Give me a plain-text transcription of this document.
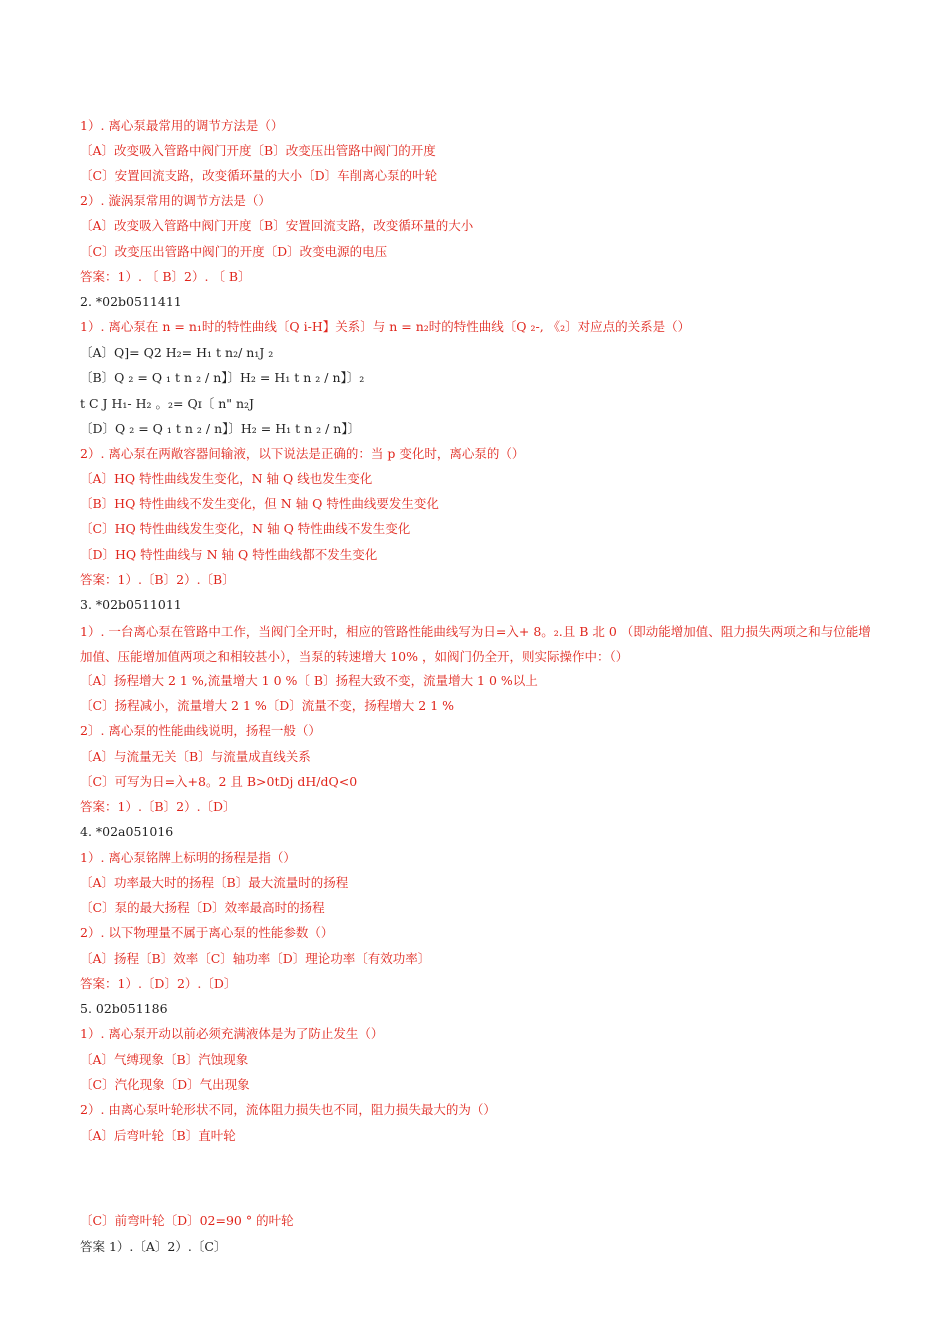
1）. 离心泵最常用的调节方法是（）
〔A〕改变吸入管路中阀门开度〔B〕改变压出管路中阀门的开度
〔C〕安置回流支路，改变循环量的大小〔D〕车削离心泵的叶轮
2）. 漩涡泵常用的调节方法是（）
〔A〕改变吸入管路中阀门开度〔B〕安置回流支路，改变循环量的大小
〔C〕改变压出管路中阀门的开度〔D〕改变电源的电压
答案：1）. 〔 B〕2）. 〔 B〕
2. *02b0511411
1）. 离心泵在 n = n₁时的特性曲线〔Q i-H】关系〕与 n = n₂时的特性曲线〔Q ₂-, 《₂〕对应点的关系是（）
〔A〕Q]= Q2 H₂= H₁ t n₂/ n₁J ₂
〔B〕Q ₂ = Q ₁ t n ₂ / n】〕H₂ = H₁ t n ₂ / n】〕₂
t C J H₁- H₂ 。₂= Qɪ〔 n" n₂J
〔D〕Q ₂ = Q ₁ t n ₂ / n】〕H₂ = H₁ t n ₂ / n】〕
2）. 离心泵在两敞容器间输液，以下说法是正确的：当 p 变化时，离心泵的（）
〔A〕HQ 特性曲线发生变化，N 轴 Q 线也发生变化
〔B〕HQ 特性曲线不发生变化，但 N 轴 Q 特性曲线要发生变化
〔C〕HQ 特性曲线发生变化，N 轴 Q 特性曲线不发生变化
〔D〕HQ 特性曲线与 N 轴 Q 特性曲线都不发生变化
答案：1）.〔B〕2）.〔B〕
3. *02b0511011
1）. 一台离心泵在管路中工作，当阀门全开时，相应的管路性能曲线写为日=入+ 8。₂.且 B 北 0 （即动能增加值、阻力损失两项之和与位能增加值、压能增加值两项之和相较甚小），当泵的转速增大 10% ，如阀门仍全开，则实际操作中：（）
〔A〕扬程增大 2 1 %,流量增大 1 0 %〔 B〕扬程大致不变，流量增大 1 0 %以上
〔C〕扬程减小，流量增大 2 1 %〔D〕流量不变，扬程增大 2 1 %
2〕. 离心泵的性能曲线说明，扬程一般（）
〔A〕与流量无关〔B〕与流量成直线关系
〔C〕可写为日=入+8。2 且 B>0tDj dH/dQ<0
答案：1）.〔B〕2）.〔D〕
4. *02a051016
1）. 离心泵铭牌上标明的扬程是指（）
〔A〕功率最大时的扬程〔B〕最大流量时的扬程
〔C〕泵的最大扬程〔D〕效率最高时的扬程
2）. 以下物理量不属于离心泵的性能参数（）
〔A〕扬程〔B〕效率〔C〕轴功率〔D〕理论功率〔有效功率〕
答案：1）.〔D〕2）.〔D〕
5. 02b051186
1）. 离心泵开动以前必须充满液体是为了防止发生（）
〔A〕气缚现象〔B〕汽蚀现象
〔C〕汽化现象〔D〕气出现象
2）. 由离心泵叶轮形状不同，流体阻力损失也不同，阻力损失最大的为（）
〔A〕后弯叶轮〔B〕直叶轮
〔C〕前弯叶轮〔D〕02=90 ° 的叶轮
答案 1）.〔A〕2）.〔C〕
